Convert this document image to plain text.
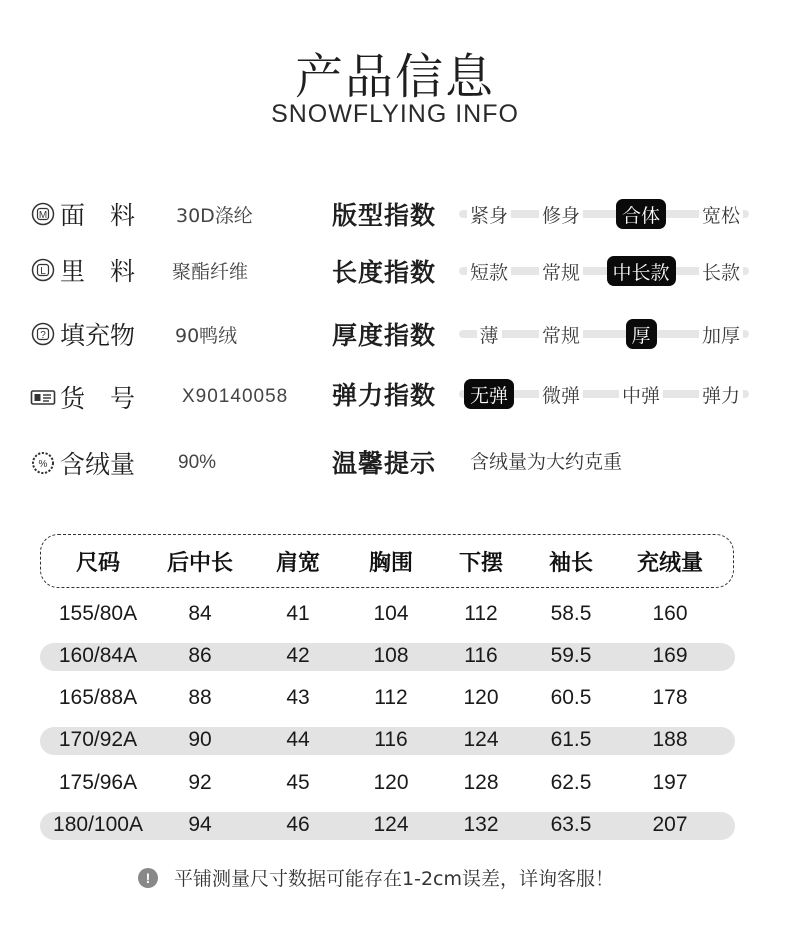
产品信息
SNOWFLYING INFO
M 面　料 30D涤纶
L 里　料 聚酯纤维
? 填充物 90鸭绒
货　号 X90140058
% 含绒量 90%
版型指数 紧身 修身	合体	宽松
长度指数 短款 常规	中长款	长款
厚度指数 薄 常规	厚	加厚
弹力指数	无弹	微弹 中弹 弹力
温馨提示 含绒量为大约克重
尺码	后中长	肩宽	胸围	下摆	袖长	充绒量
155/80A	84	41	104	112	58.5	160
160/84A	86	42	108	116	59.5	169
165/88A	88	43	112	120	60.5	178
170/92A	90	44	116	124	61.5	188
175/96A	92	45	120	128	62.5	197
180/100A	94	46	124	132	63.5	207
!	平铺测量尺寸数据可能存在1-2cm误差，详询客服！
